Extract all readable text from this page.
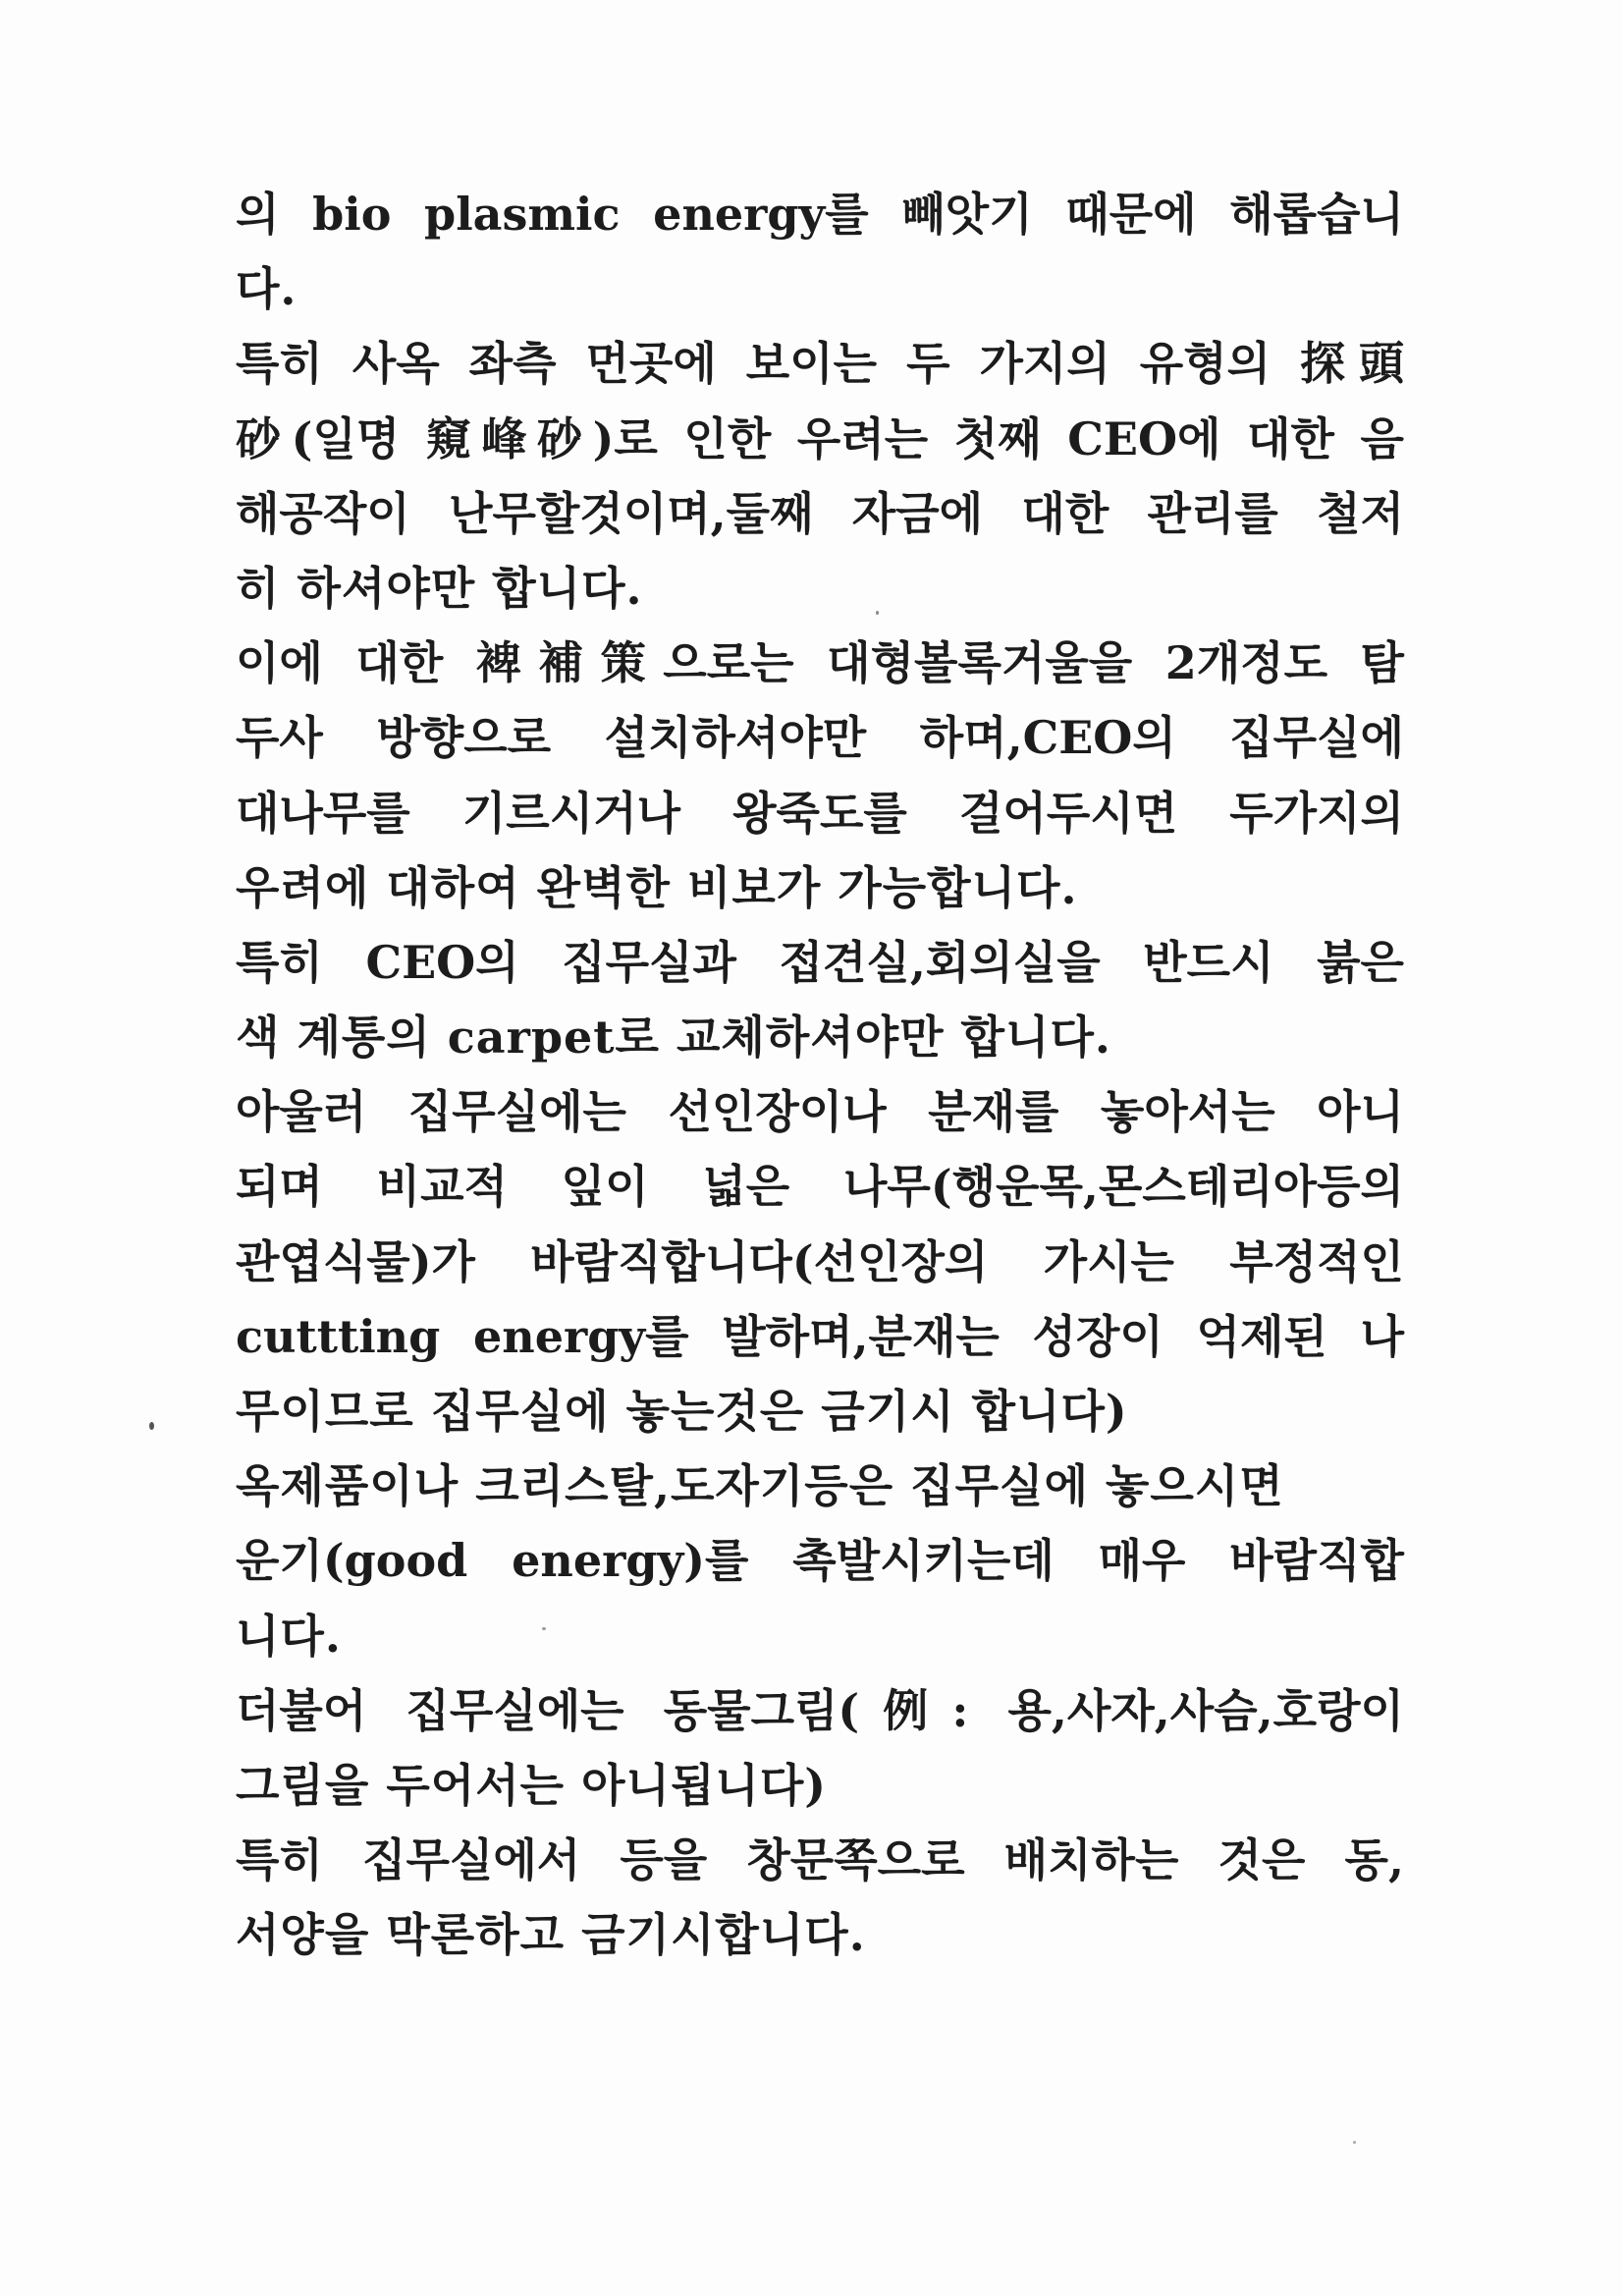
의 bio plasmic energy를 빼앗기 때문에 해롭습니
다.
특히 사옥 좌측 먼곳에 보이는 두 가지의 유형의 探頭
砂(일명 窺峰砂)로 인한 우려는 첫째 CEO에 대한 음
해공작이 난무할것이며,둘째 자금에 대한 관리를 철저
히 하셔야만 합니다.
이에 대한 裨補策으로는 대형볼록거울을 2개정도 탐
두사 방향으로 설치하셔야만 하며,CEO의 집무실에
대나무를 기르시거나 왕죽도를 걸어두시면 두가지의
우려에 대하여 완벽한 비보가 가능합니다.
특히 CEO의 집무실과 접견실,회의실을 반드시 붉은
색 계통의 carpet로 교체하셔야만 합니다.
아울러 집무실에는 선인장이나 분재를 놓아서는 아니
되며 비교적 잎이 넓은 나무(행운목,몬스테리아등의
관엽식물)가 바람직합니다(선인장의 가시는 부정적인
cuttting energy를 발하며,분재는 성장이 억제된 나
무이므로 집무실에 놓는것은 금기시 합니다)
옥제품이나 크리스탈,도자기등은 집무실에 놓으시면
운기(good energy)를 촉발시키는데 매우 바람직합
니다.
더불어 집무실에는 동물그림(例: 용,사자,사슴,호랑이
그림을 두어서는 아니됩니다)
특히 집무실에서 등을 창문쪽으로 배치하는 것은 동,
서양을 막론하고 금기시합니다.
